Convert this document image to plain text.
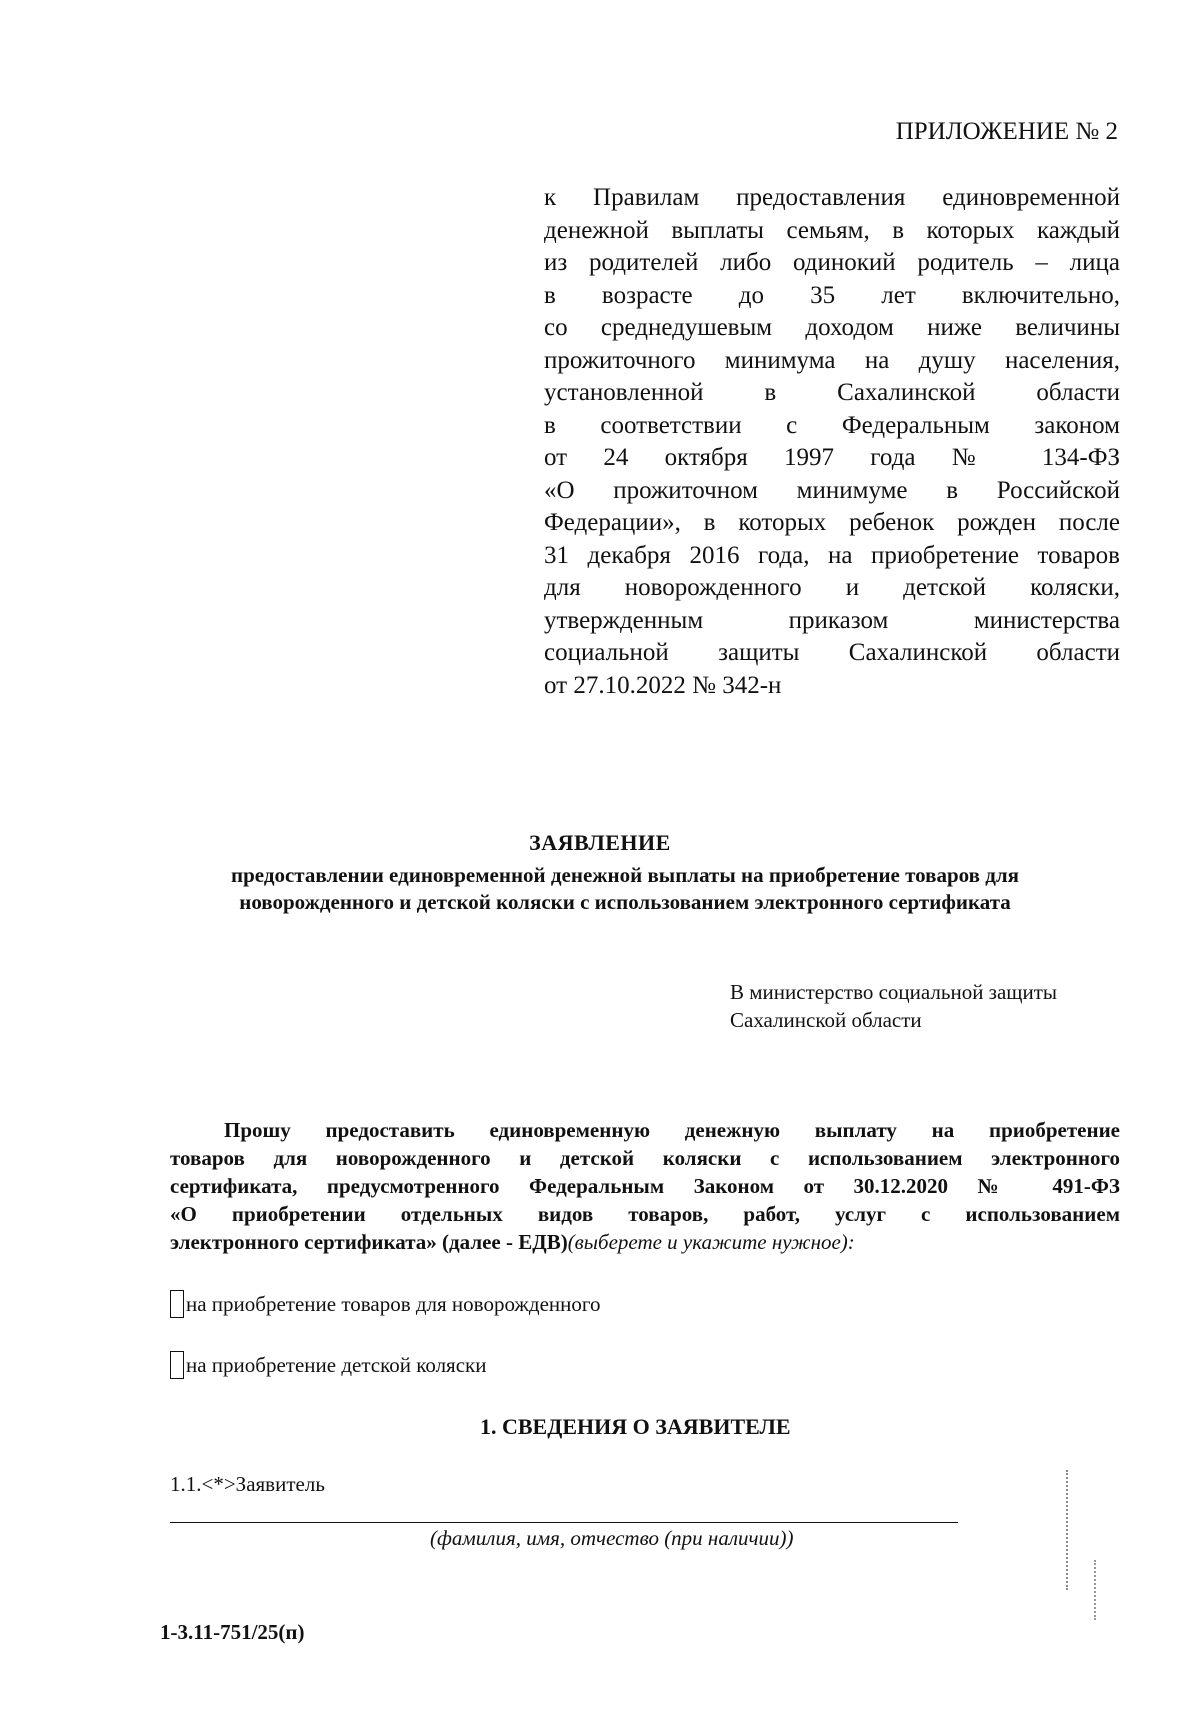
ПРИЛОЖЕНИЕ № 2
к Правилам предоставления единовременной
денежной выплаты семьям, в которых каждый
из родителей либо одинокий родитель – лица
в возрасте до 35 лет включительно,
со среднедушевым доходом ниже величины
прожиточного минимума на душу населения,
установленной в Сахалинской области
в соответствии с Федеральным законом
от 24 октября 1997 года № 134-ФЗ
«О прожиточном минимуме в Российской
Федерации», в которых ребенок рожден после
31 декабря 2016 года, на приобретение товаров
для новорожденного и детской коляски,
утвержденным приказом министерства
социальной защиты Сахалинской области
от 27.10.2022 № 342-н
ЗАЯВЛЕНИЕ
предоставлении единовременной денежной выплаты на приобретение товаров для
новорожденного и детской коляски с использованием электронного сертификата
В министерство социальной защиты
Сахалинской области
Прошу предоставить единовременную денежную выплату на приобретение
товаров для новорожденного и детской коляски с использованием электронного
сертификата, предусмотренного Федеральным Законом от 30.12.2020 № 491-ФЗ
«О приобретении отдельных видов товаров, работ, услуг с использованием
электронного сертификата» (далее - ЕДВ)(выберете и укажите нужное):
на приобретение товаров для новорожденного
на приобретение детской коляски
1. СВЕДЕНИЯ О ЗАЯВИТЕЛЕ
1.1.<*>Заявитель
(фамилия, имя, отчество (при наличии))
1-3.11-751/25(п)
